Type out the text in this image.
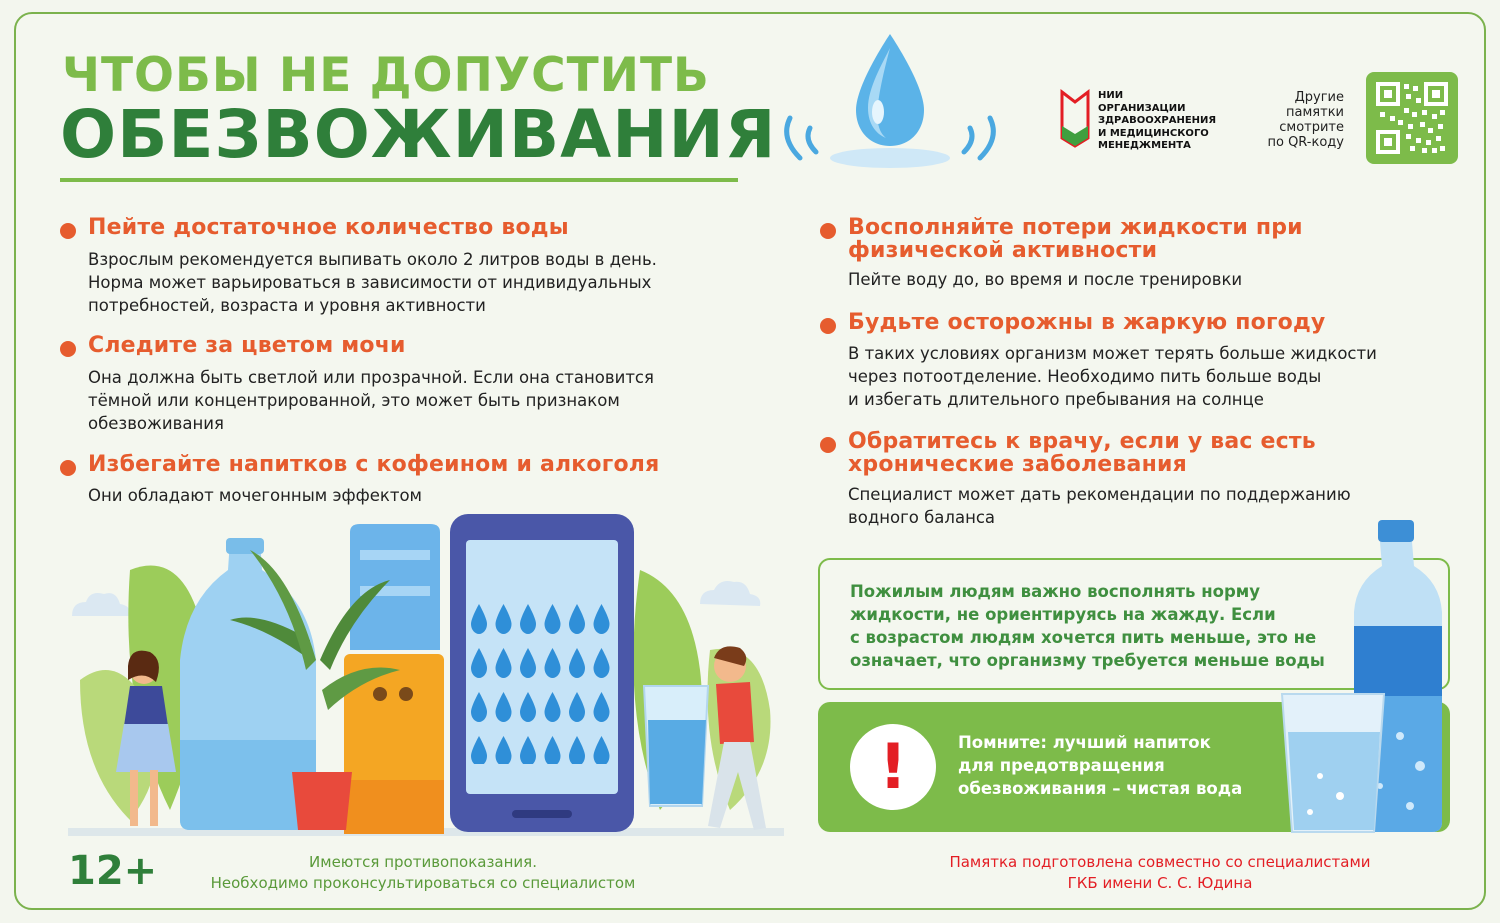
ЧТОБЫ НЕ ДОПУСТИТЬ
ОБЕЗВОЖИВАНИЯ
НИИ
ОРГАНИЗАЦИИ
ЗДРАВООХРАНЕНИЯ
И МЕДИЦИНСКОГО
МЕНЕДЖМЕНТА
Другие
памятки
смотрите
по QR-коду
Пейте достаточное количество воды
Взрослым рекомендуется выпивать около 2 литров воды в день.
Норма может варьироваться в зависимости от индивидуальных
потребностей, возраста и уровня активности
Следите за цветом мочи
Она должна быть светлой или прозрачной. Если она становится
тёмной или концентрированной, это может быть признаком
обезвоживания
Избегайте напитков с кофеином и алкоголя
Они обладают мочегонным эффектом
Восполняйте потери жидкости при
физической активности
Пейте воду до, во время и после тренировки
Будьте осторожны в жаркую погоду
В таких условиях организм может терять больше жидкости
через потоотделение. Необходимо пить больше воды
и избегать длительного пребывания на солнце
Обратитесь к врачу, если у вас есть
хронические заболевания
Специалист может дать рекомендации по поддержанию
водного баланса
Пожилым людям важно восполнять норму
жидкости, не ориентируясь на жажду. Если
с возрастом людям хочется пить меньше, это не
означает, что организму требуется меньше воды
!	Помните: лучший напиток
для предотвращения
обезвоживания – чистая вода
12+	Имеются противопоказания.
Необходимо проконсультироваться со специалистом
Памятка подготовлена совместно со специалистами
ГКБ имени С. С. Юдина
